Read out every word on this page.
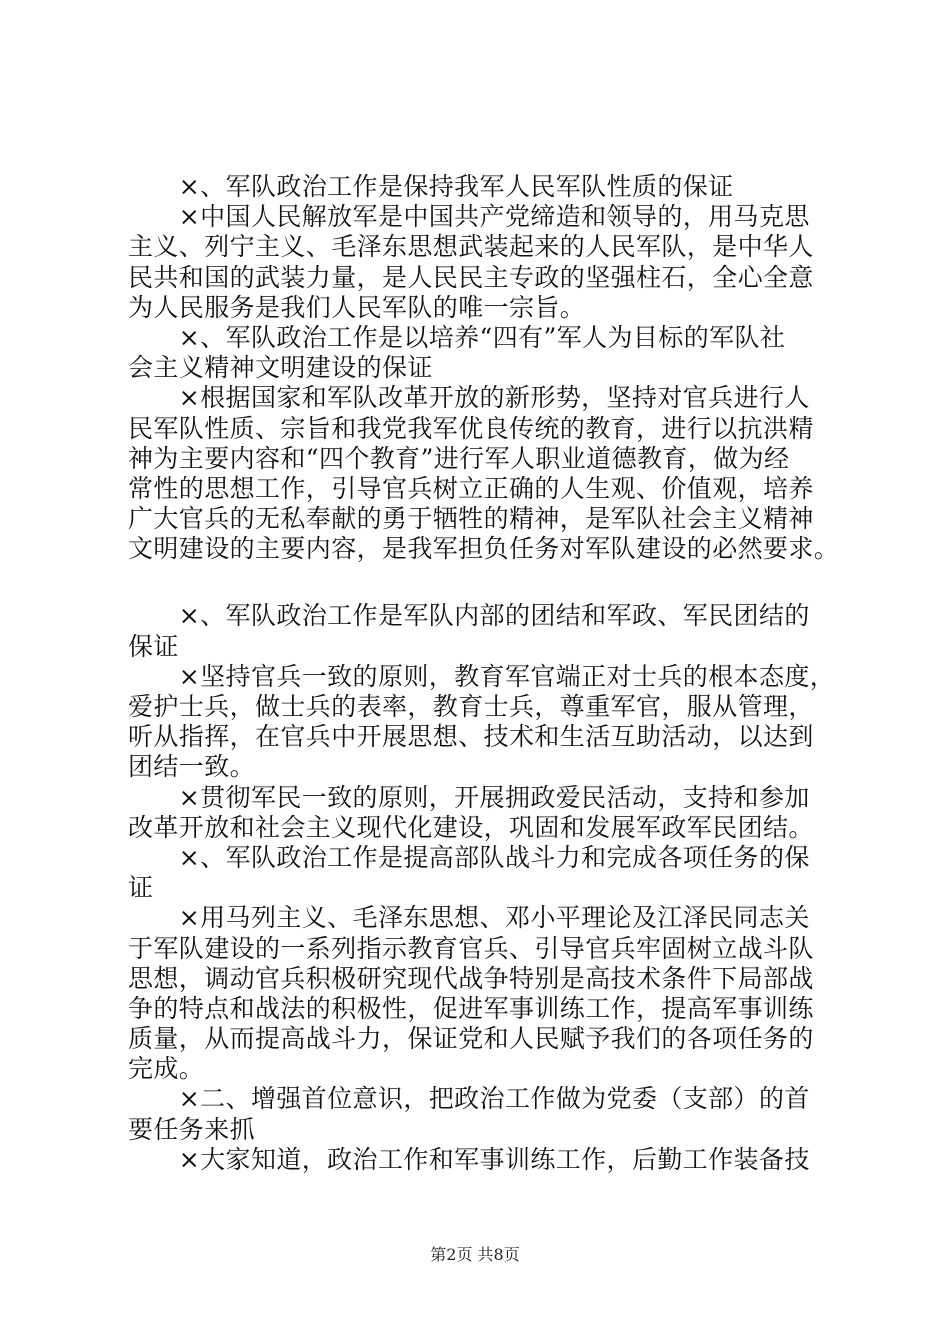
　　×、军队政治工作是保持我军人民军队性质的保证
　　×中国人民解放军是中国共产党缔造和领导的，用马克思
主义、列宁主义、毛泽东思想武装起来的人民军队，是中华人
民共和国的武装力量，是人民民主专政的坚强柱石，全心全意
为人民服务是我们人民军队的唯一宗旨。
　　×、军队政治工作是以培养“四有”军人为目标的军队社
会主义精神文明建设的保证
　　×根据国家和军队改革开放的新形势，坚持对官兵进行人
民军队性质、宗旨和我党我军优良传统的教育，进行以抗洪精
神为主要内容和“四个教育”进行军人职业道德教育，做为经
常性的思想工作，引导官兵树立正确的人生观、价值观，培养
广大官兵的无私奉献的勇于牺牲的精神，是军队社会主义精神
文明建设的主要内容，是我军担负任务对军队建设的必然要求。
　　×、军队政治工作是军队内部的团结和军政、军民团结的
保证
　　×坚持官兵一致的原则，教育军官端正对士兵的根本态度，
爱护士兵，做士兵的表率，教育士兵，尊重军官，服从管理，
听从指挥，在官兵中开展思想、技术和生活互助活动，以达到
团结一致。
　　×贯彻军民一致的原则，开展拥政爱民活动，支持和参加
改革开放和社会主义现代化建设，巩固和发展军政军民团结。
　　×、军队政治工作是提高部队战斗力和完成各项任务的保
证
　　×用马列主义、毛泽东思想、邓小平理论及江泽民同志关
于军队建设的一系列指示教育官兵、引导官兵牢固树立战斗队
思想，调动官兵积极研究现代战争特别是高技术条件下局部战
争的特点和战法的积极性，促进军事训练工作，提高军事训练
质量，从而提高战斗力，保证党和人民赋予我们的各项任务的
完成。
　　×二、增强首位意识，把政治工作做为党委（支部）的首
要任务来抓
　　×大家知道，政治工作和军事训练工作，后勤工作装备技
第2页 共8页
